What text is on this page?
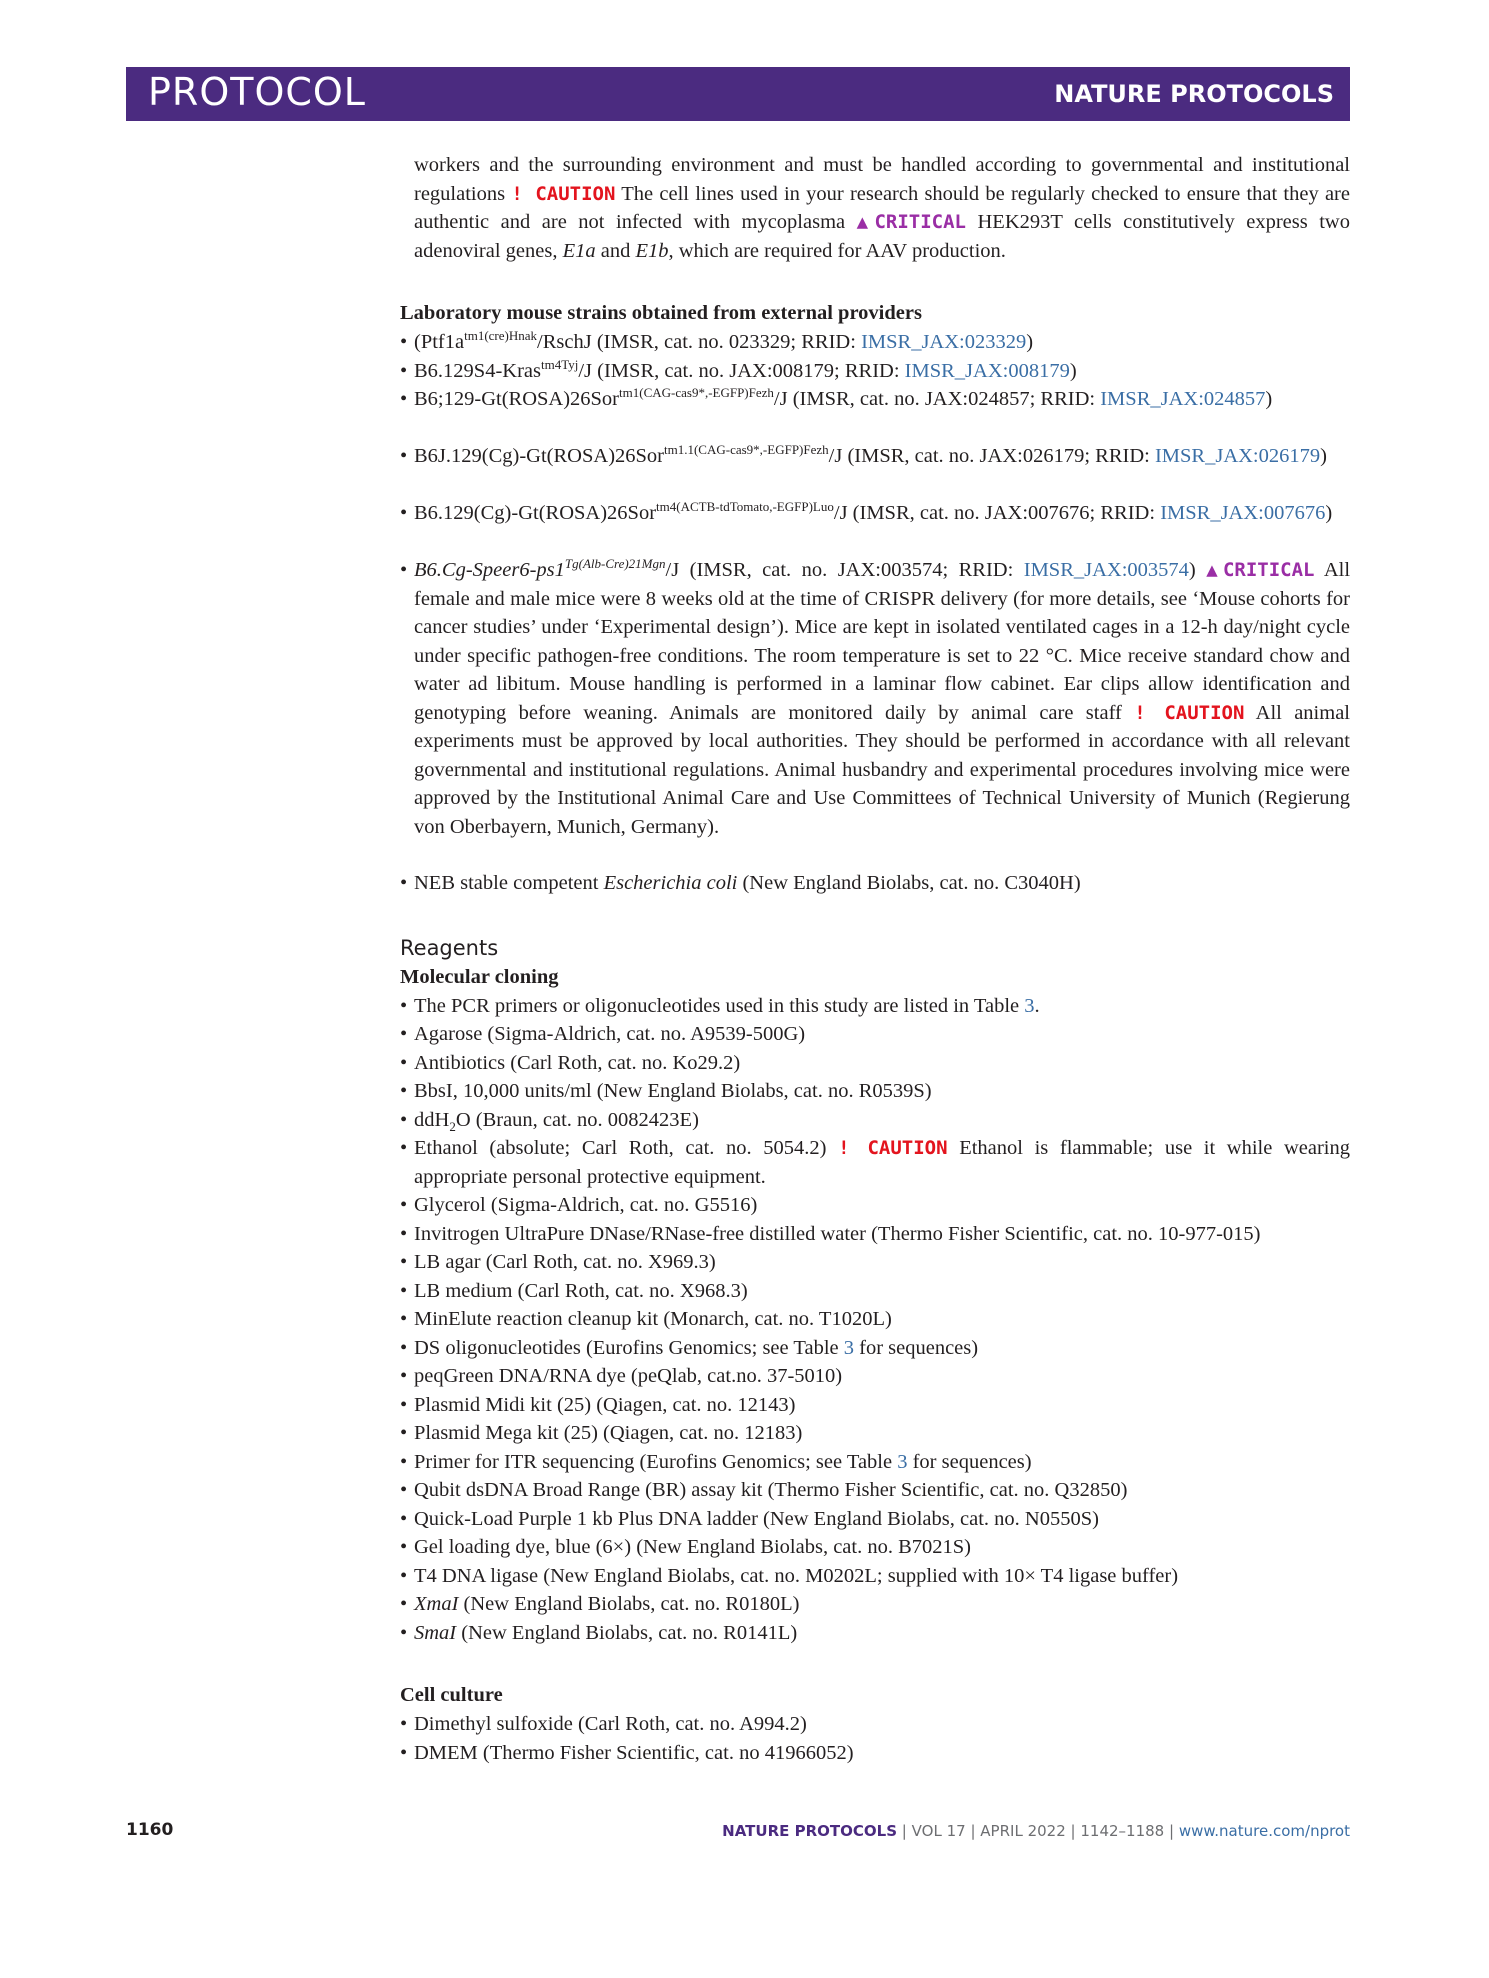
PROTOCOL	NATURE PROTOCOLS
workers and the surrounding environment and must be handled according to governmental and institutional regulations ! CAUTION The cell lines used in your research should be regularly checked to ensure that they are authentic and are not infected with mycoplasma ▲CRITICAL HEK293T cells constitutively express two adenoviral genes, E1a and E1b, which are required for AAV production.
Laboratory mouse strains obtained from external providers
• ($Ptf1a^{tm1(cre)Hnak}$/RschJ (IMSR, cat. no. 023329; RRID: IMSR_JAX:023329)
• B6.129S4-Kras$^{tm4Tyj}$/J (IMSR, cat. no. JAX:008179; RRID: IMSR_JAX:008179)
• B6;129-Gt(ROSA)26Sor$^{tm1(CAG-cas9*,-EGFP)Fezh}$/J (IMSR, cat. no. JAX:024857; RRID: IMSR_JAX:024857)
• B6J.129(Cg)-Gt(ROSA)26Sor$^{tm1.1(CAG-cas9*,-EGFP)Fezh}$/J (IMSR, cat. no. JAX:026179; RRID: IMSR_JAX:026179)
• B6.129(Cg)-Gt(ROSA)26Sor$^{tm4(ACTB-tdTomato,-EGFP)Luo}$/J (IMSR, cat. no. JAX:007676; RRID: IMSR_JAX:007676)
• $B6.Cg-Speer6-ps1^{Tg(Alb-Cre)21Mgn}/J$ (IMSR, cat. no. JAX:003574; RRID: IMSR_JAX:003574) ▲CRITICAL All female and male mice were 8 weeks old at the time of CRISPR delivery (for more details, see ‘Mouse cohorts for cancer studies’ under ‘Experimental design’). Mice are kept in isolated ventilated cages in a 12-h day/night cycle under specific pathogen-free conditions. The room temperature is set to 22 °C. Mice receive standard chow and water ad libitum. Mouse handling is performed in a laminar flow cabinet. Ear clips allow identification and genotyping before weaning. Animals are monitored daily by animal care staff ! CAUTION All animal experiments must be approved by local authorities. They should be performed in accordance with all relevant governmental and institutional regulations. Animal husbandry and experimental procedures involving mice were approved by the Institutional Animal Care and Use Committees of Technical University of Munich (Regierung von Oberbayern, Munich, Germany).
• NEB stable competent Escherichia coli (New England Biolabs, cat. no. C3040H)
Reagents
Molecular cloning
• The PCR primers or oligonucleotides used in this study are listed in Table 3.
• Agarose (Sigma-Aldrich, cat. no. A9539-500G)
• Antibiotics (Carl Roth, cat. no. Ko29.2)
• BbsI, 10,000 units/ml (New England Biolabs, cat. no. R0539S)
• ddH$_2$O (Braun, cat. no. 0082423E)
• Ethanol (absolute; Carl Roth, cat. no. 5054.2) ! CAUTION Ethanol is flammable; use it while wearing appropriate personal protective equipment.
• Glycerol (Sigma-Aldrich, cat. no. G5516)
• Invitrogen UltraPure DNase/RNase-free distilled water (Thermo Fisher Scientific, cat. no. 10-977-015)
• LB agar (Carl Roth, cat. no. X969.3)
• LB medium (Carl Roth, cat. no. X968.3)
• MinElute reaction cleanup kit (Monarch, cat. no. T1020L)
• DS oligonucleotides (Eurofins Genomics; see Table 3 for sequences)
• peqGreen DNA/RNA dye (peQlab, cat.no. 37-5010)
• Plasmid Midi kit (25) (Qiagen, cat. no. 12143)
• Plasmid Mega kit (25) (Qiagen, cat. no. 12183)
• Primer for ITR sequencing (Eurofins Genomics; see Table 3 for sequences)
• Qubit dsDNA Broad Range (BR) assay kit (Thermo Fisher Scientific, cat. no. Q32850)
• Quick-Load Purple 1 kb Plus DNA ladder (New England Biolabs, cat. no. N0550S)
• Gel loading dye, blue (6×) (New England Biolabs, cat. no. B7021S)
• T4 DNA ligase (New England Biolabs, cat. no. M0202L; supplied with 10× T4 ligase buffer)
• XmaI (New England Biolabs, cat. no. R0180L)
• SmaI (New England Biolabs, cat. no. R0141L)
Cell culture
• Dimethyl sulfoxide (Carl Roth, cat. no. A994.2)
• DMEM (Thermo Fisher Scientific, cat. no 41966052)
1160	NATURE PROTOCOLS | VOL 17 | APRIL 2022 | 1142–1188 | www.nature.com/nprot
